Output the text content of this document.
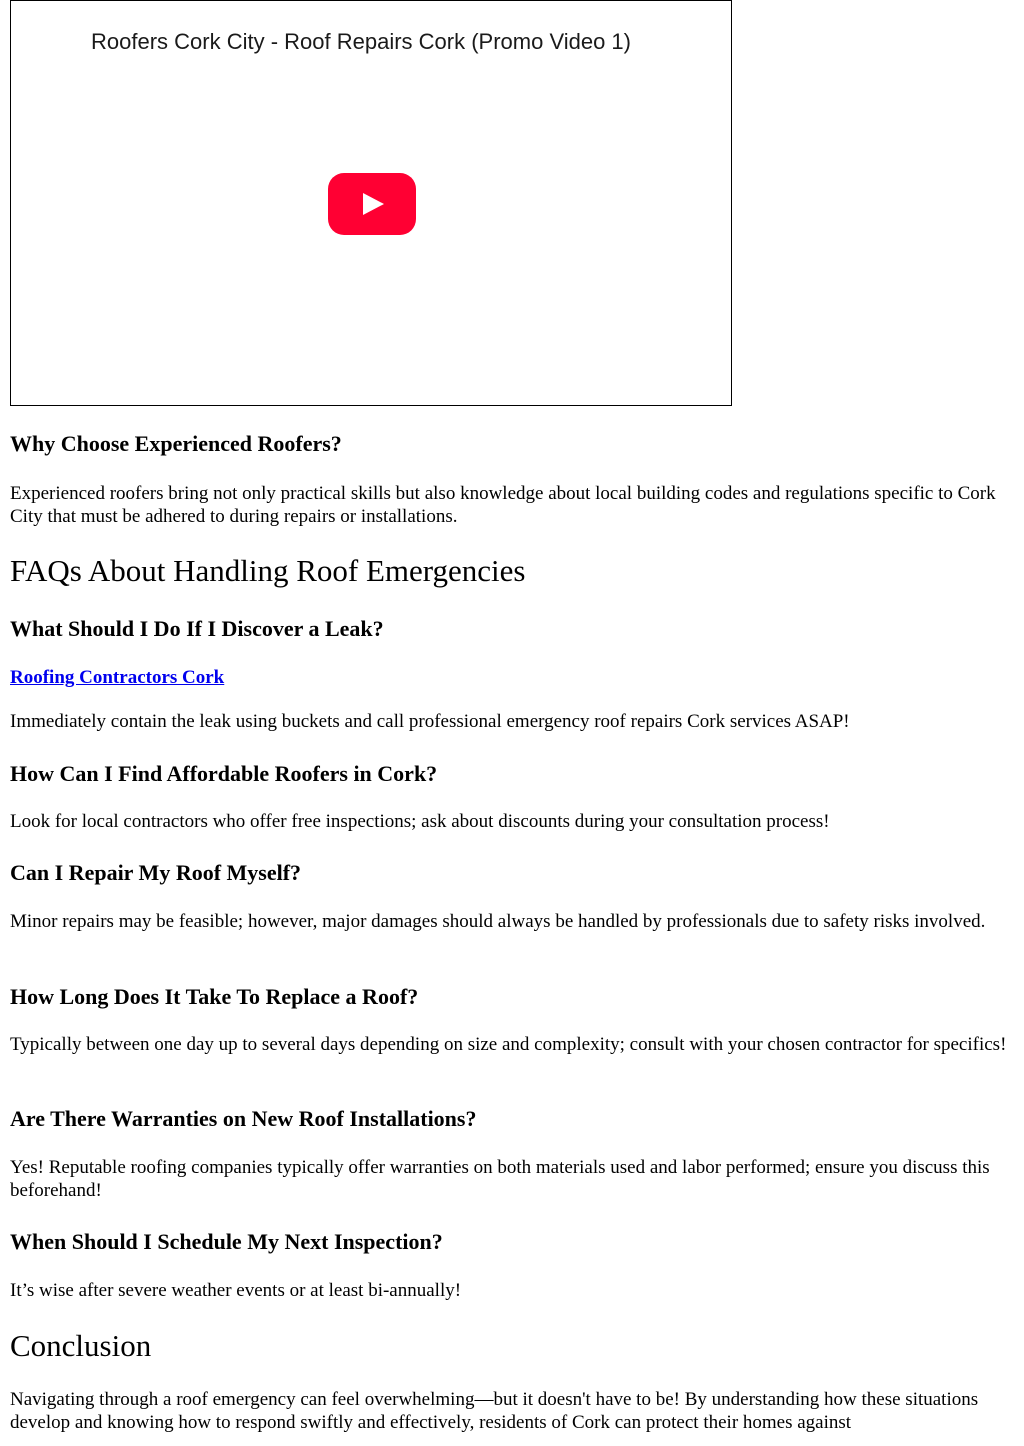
Roofers Cork City - Roof Repairs Cork (Promo Video 1)
Why Choose Experienced Roofers?

Experienced roofers bring not only practical skills but also knowledge about local building codes and regulations specific to Cork City that must be adhered to during repairs or installations.

FAQs About Handling Roof Emergencies
What Should I Do If I Discover a Leak?
Roofing Contractors Cork

Immediately contain the leak using buckets and call professional emergency roof repairs Cork services ASAP!

How Can I Find Affordable Roofers in Cork?

Look for local contractors who offer free inspections; ask about discounts during your consultation process!

Can I Repair My Roof Myself?

Minor repairs may be feasible; however, major damages should always be handled by professionals due to safety risks involved.

How Long Does It Take To Replace a Roof?

Typically between one day up to several days depending on size and complexity; consult with your chosen contractor for specifics!

Are There Warranties on New Roof Installations?

Yes! Reputable roofing companies typically offer warranties on both materials used and labor performed; ensure you discuss this beforehand!

When Should I Schedule My Next Inspection?

It’s wise after severe weather events or at least bi-annually!

Conclusion

Navigating through a roof emergency can feel overwhelming—but it doesn't have to be! By understanding how these situations develop and knowing how to respond swiftly and effectively, residents of Cork can protect their homes against
